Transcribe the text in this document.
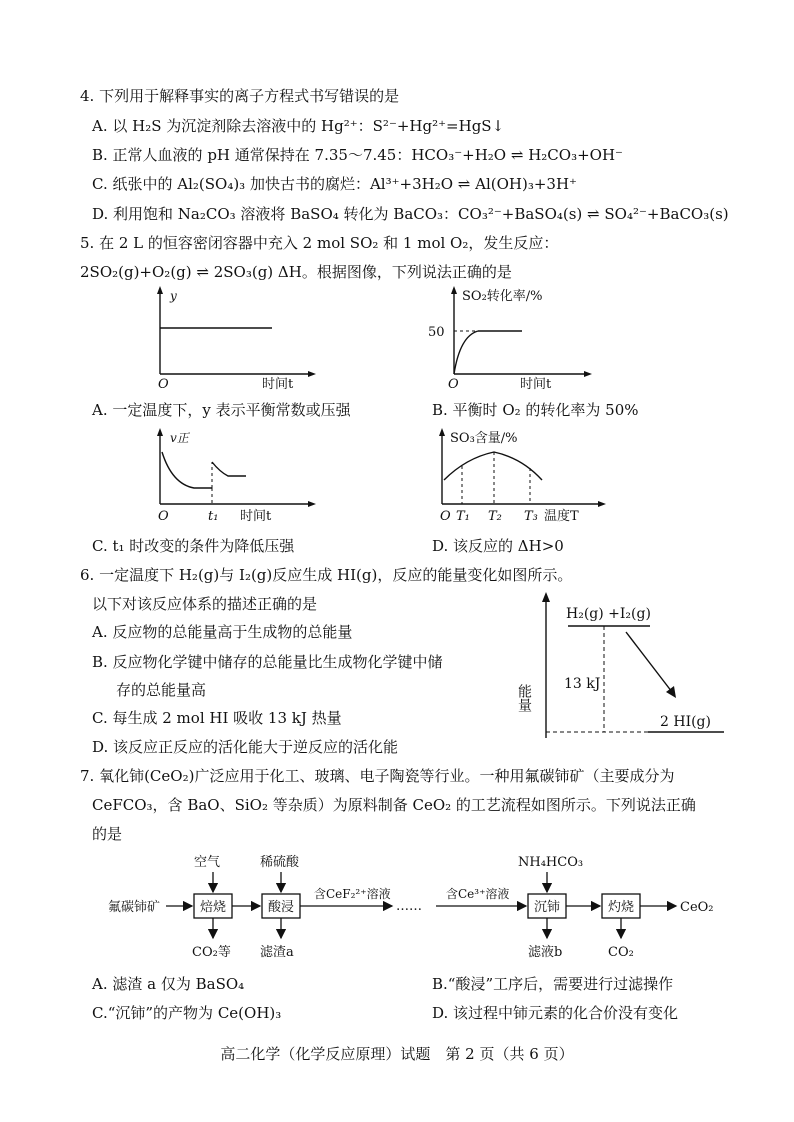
4. 下列用于解释事实的离子方程式书写错误的是
A. 以 H₂S 为沉淀剂除去溶液中的 Hg²⁺：S²⁻+Hg²⁺=HgS↓
B. 正常人血液的 pH 通常保持在 7.35～7.45：HCO₃⁻+H₂O ⇌ H₂CO₃+OH⁻
C. 纸张中的 Al₂(SO₄)₃ 加快古书的腐烂：Al³⁺+3H₂O ⇌ Al(OH)₃+3H⁺
D. 利用饱和 Na₂CO₃ 溶液将 BaSO₄ 转化为 BaCO₃：CO₃²⁻+BaSO₄(s) ⇌ SO₄²⁻+BaCO₃(s)
5. 在 2 L 的恒容密闭容器中充入 2 mol SO₂ 和 1 mol O₂，发生反应：
2SO₂(g)+O₂(g) ⇌ 2SO₃(g) ΔH。根据图像，下列说法正确的是
y
O	时间t
SO₂转化率/%
50
O	时间t
A. 一定温度下，y 表示平衡常数或压强	B. 平衡时 O₂ 的转化率为 50%
v正
O	t₁ 时间t
SO₃含量/%
O T₁ T₂ T₃ 温度T
C. t₁ 时改变的条件为降低压强	D. 该反应的 ΔH>0
6. 一定温度下 H₂(g)与 I₂(g)反应生成 HI(g)，反应的能量变化如图所示。
以下对该反应体系的描述正确的是
A. 反应物的总能量高于生成物的总能量
B. 反应物化学键中储存的总能量比生成物化学键中储
存的总能量高
C. 每生成 2 mol HI 吸收 13 kJ 热量
D. 该反应正反应的活化能大于逆反应的活化能
能量
H₂(g) +I₂(g)
13 kJ
2 HI(g)
7. 氧化铈(CeO₂)广泛应用于化工、玻璃、电子陶瓷等行业。一种用氟碳铈矿（主要成分为
CeFCO₃，含 BaO、SiO₂ 等杂质）为原料制备 CeO₂ 的工艺流程如图所示。下列说法正确
的是
氟碳铈矿	焙烧	酸浸
含CeF₂²⁺溶液
……
含Ce³⁺溶液
沉铈	灼烧	CeO₂
空气	稀硫酸	NH₄HCO₃
CO₂等 滤渣a	滤液b	CO₂
A. 滤渣 a 仅为 BaSO₄	B.“酸浸”工序后，需要进行过滤操作
C.“沉铈”的产物为 Ce(OH)₃	D. 该过程中铈元素的化合价没有变化
高二化学（化学反应原理）试题　第 2 页（共 6 页）
